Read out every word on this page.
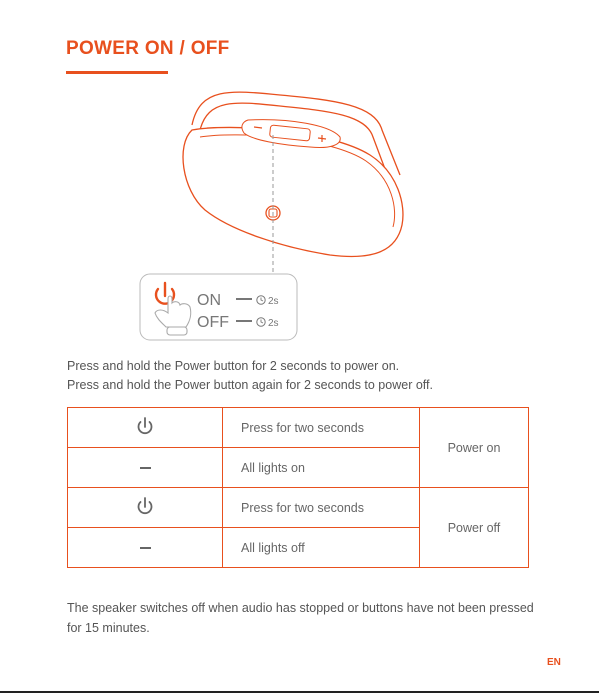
POWER ON / OFF
ON
OFF
2s
2s
Press and hold the Power button for 2 seconds to power on.
Press and hold the Power button again for 2 seconds to power off.
	Press for two seconds	Power on
	All lights on	
	Press for two seconds	Power off
	All lights off	
The speaker switches off when audio has stopped or buttons have not been pressed for 15 minutes.
EN
